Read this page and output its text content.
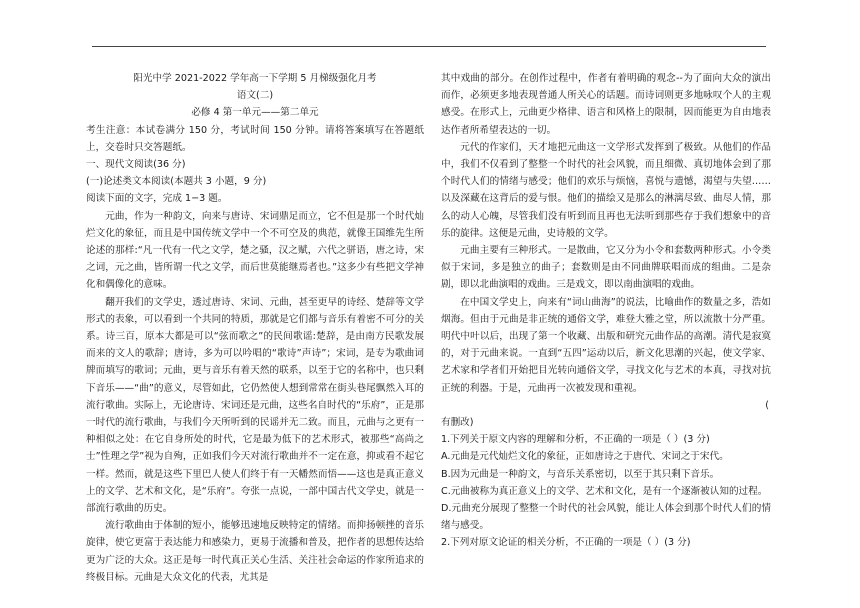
阳光中学 2021-2022 学年高一下学期 5 月梯级强化月考

语文(二)

必修 4 第一单元——第二单元

考生注意：本试卷满分 150 分，考试时间 150 分钟。请将答案填写在答题纸上，交卷时只交答题纸。

一、现代文阅读(36 分)

(一)论述类文本阅读(本题共 3 小题，9 分)

阅读下面的文字，完成 1−3 题。

元曲，作为一种韵文，向来与唐诗、宋词鼎足而立，它不但是那一个时代灿烂文化的象征，而且是中国传统文学中一个不可空及的典范，就像王国维先生所论述的那样:“凡一代有一代之文学，楚之骚，汉之赋，六代之骈语，唐之诗，宋之词，元之曲，皆所谓一代之文学，而后世莫能继焉者也。”这多少有些把文学神化和偶像化的意味。

翻开我们的文学史，透过唐诗、宋词、元曲，甚至更早的诗经、楚辞等文学形式的表象，可以看到一个共同的特质，那就是它们都与音乐有着密不可分的关系。诗三百，原本大都是可以“弦而歌之”的民间歌谣:楚辞，是由南方民歌发展而来的文人的歌辞；唐诗，多为可以吟唱的“歌诗”声诗”；宋词，是专为歌曲词牌而填写的歌词；元曲，更与音乐有着天然的联系，以至于它的名称中，也只剩下音乐——“曲”的意义，尽管如此，它仍然使人想到常常在街头巷尾飘然入耳的流行歌曲。实际上，无论唐诗、宋词还是元曲，这些名自时代的“乐府”，正是那一时代的流行歌曲，与我们今天所听到的民谣并无二致。而且，元曲与之更有一种相似之处：在它自身所处的时代，它是最为低下的艺术形式，被那些“高尚之士”性理之学”视为自殉，正如我们今天对流行歌曲并不一定在意，抑或看不起它一样。然而，就是这些下里巴人使人们终于有一天幡然而悟——这也是真正意义上的文学、艺术和文化，是“乐府”。夸张一点说，一部中国古代文学史，就是一部流行歌曲的历史。

流行歌曲由于体制的短小，能够迅速地反映特定的情绪。而抑扬顿挫的音乐旋律，使它更富于表达能力和感染力，更易于流播和普及，把作者的思想传达给更为广泛的大众。这正是每一时代真正关心生活、关注社会命运的作家所追求的终极目标。元曲是大众文化的代表，尤其是

其中戏曲的部分。在创作过程中，作者有着明确的观念--为了面向大众的演出而作，必须更多地表现普通人所关心的话题。而诗词则更多地咏叹个人的主观感受。在形式上，元曲更少格律、语言和风格上的限制，因而能更为自由地表达作者所希望表达的一切。

元代的作家们，天才地把元曲这一文学形式发挥到了极致。从他们的作品中，我们不仅看到了整整一个时代的社会风貌，而且细微、真切地体会到了那个时代人们的情绪与感受；他们的欢乐与烦恼，喜悦与遗憾，渴望与失望……以及深藏在这背后的爱与恨。他们的描绘又是那么的淋漓尽致、曲尽人情，那么的动人心魄，尽管我们没有听到而且再也无法听到那些存于我们想象中的音乐的旋律。这便是元曲，史诗般的文学。

元曲主要有三种形式。一是散曲，它又分为小令和套数两种形式。小令类似于宋词，多是独立的曲子；套数则是由不同曲牌联唱而成的组曲。二是杂剧，即以北曲演唱的戏曲。三是戏文，即以南曲演唱的戏曲。

在中国文学史上，向来有“词山曲海”的说法，比喻曲作的数量之多，浩如烟海。但由于元曲是非正统的通俗文学，难登大雅之堂，所以流散十分严重。明代中叶以后，出现了第一个收藏、出版和研究元曲作品的高潮。清代是寂寞的，对于元曲来说。一直到“五四”运动以后，新文化思潮的兴起，使文学家、艺术家和学者们开始把目光转向通俗文学，寻找文化与艺术的本真，寻找对抗正统的利器。于是，元曲再一次被发现和重视。

(

有删改)

1.下列关于原文内容的理解和分析，不正确的一项是（ ）(3 分)

A.元曲是元代灿烂文化的象征，正如唐诗之于唐代、宋词之于宋代。

B.因为元曲是一种韵文，与音乐关系密切，以至于其只剩下音乐。

C.元曲被称为真正意义上的文学、艺术和文化，是有一个逐渐被认知的过程。

D.元曲充分展现了整整一个时代的社会风貌，能让人体会到那个时代人们的情绪与感受。

2.下列对原文论证的相关分析，不正确的一项是（ ）(3 分)
